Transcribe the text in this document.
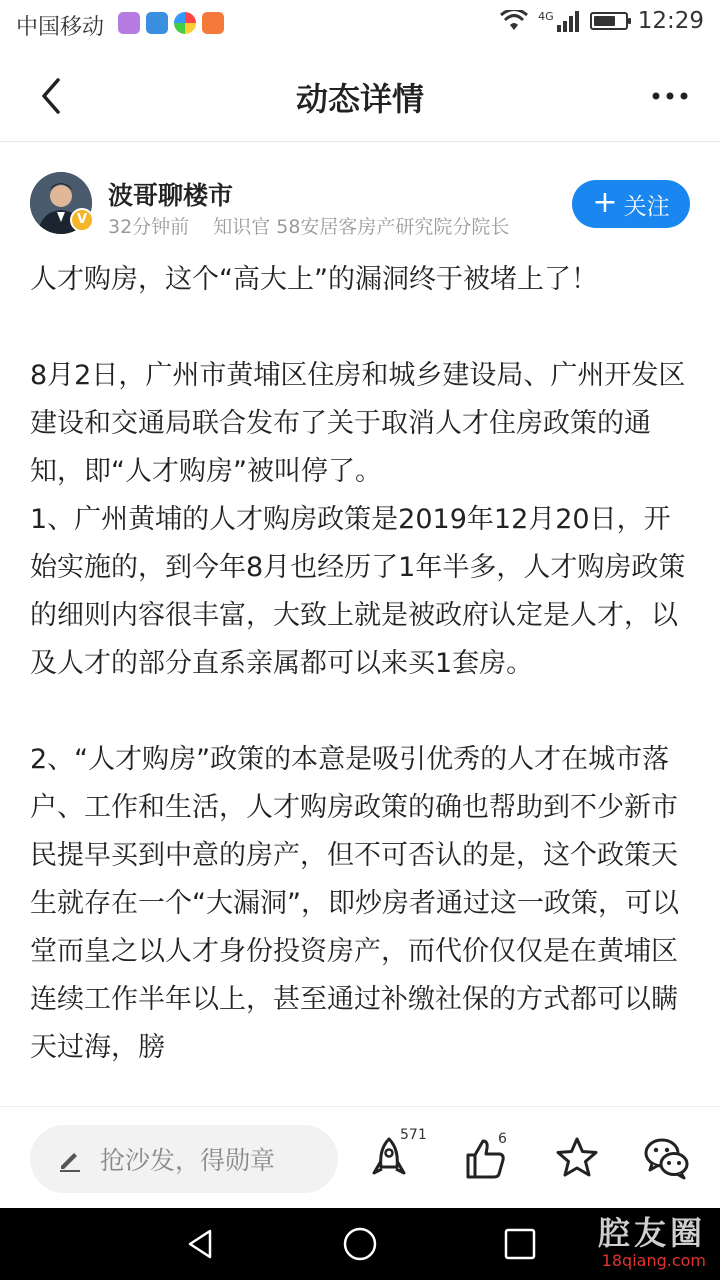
中国移动	4G	12:29
动态详情
V
波哥聊楼市
32分钟前 知识官 58安居客房产研究院分院长
+ 关注

人才购房，这个“高大上”的漏洞终于被堵上了！

8月2日，广州市黄埔区住房和城乡建设局、广州开发区建设和交通局联合发布了关于取消人才住房政策的通知，即“人才购房”被叫停了。

1、广州黄埔的人才购房政策是2019年12月20日，开始实施的，到今年8月也经历了1年半多，人才购房政策的细则内容很丰富，大致上就是被政府认定是人才，以及人才的部分直系亲属都可以来买1套房。

2、“人才购房”政策的本意是吸引优秀的人才在城市落户、工作和生活，人才购房政策的确也帮助到不少新市民提早买到中意的房产，但不可否认的是，这个政策天生就存在一个“大漏洞”，即炒房者通过这一政策，可以堂而皇之以人才身份投资房产，而代价仅仅是在黄埔区连续工作半年以上，甚至通过补缴社保的方式都可以瞒天过海，膀

抢沙发，得勋章
571	6
腔友圈
18qiang.com
